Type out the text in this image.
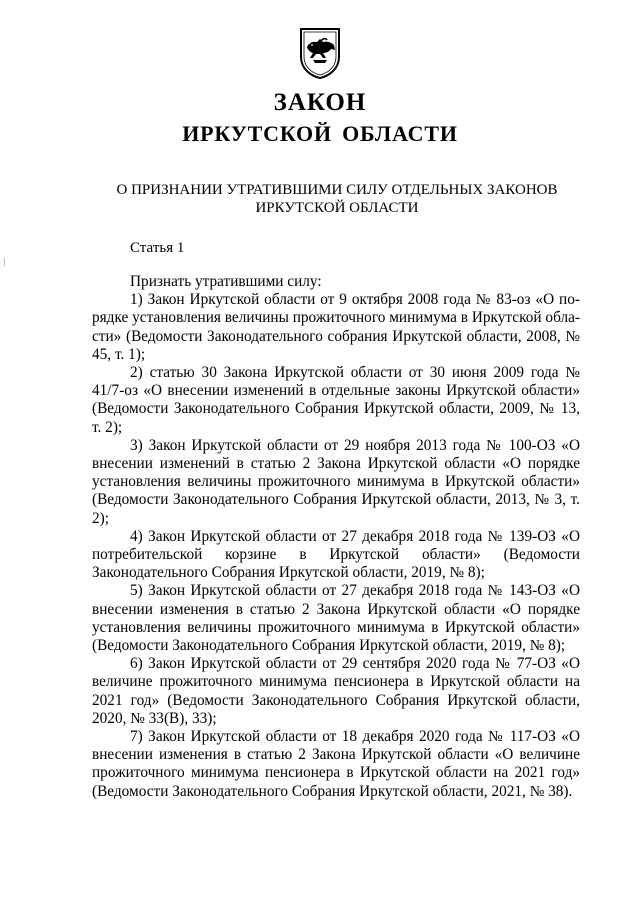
ЗАКОН
ИРКУТСКОЙ ОБЛАСТИ
О ПРИЗНАНИИ УТРАТИВШИМИ СИЛУ ОТДЕЛЬНЫХ ЗАКОНОВ
ИРКУТСКОЙ ОБЛАСТИ
Статья 1

Признать утратившими силу:

1) Закон Иркутской области от 9 октября 2008 года № 83-оз «О порядке установления величины прожиточного минимума в Иркутской области» (Ведомости Законодательного собрания Иркутской области, 2008, № 45, т. 1);

2) статью 30 Закона Иркутской области от 30 июня 2009 года № 41/7-оз «О внесении изменений в отдельные законы Иркутской области» (Ведомости Законодательного Собрания Иркутской области, 2009, № 13, т. 2);

3) Закон Иркутской области от 29 ноября 2013 года № 100-ОЗ «О внесении изменений в статью 2 Закона Иркутской области «О порядке установления величины прожиточного минимума в Иркутской области» (Ведомости Законодательного Собрания Иркутской области, 2013, № 3, т. 2);

4) Закон Иркутской области от 27 декабря 2018 года № 139-ОЗ «О потребительской корзине в Иркутской области» (Ведомости Законодательного Собрания Иркутской области, 2019, № 8);

5) Закон Иркутской области от 27 декабря 2018 года № 143-ОЗ «О внесении изменения в статью 2 Закона Иркутской области «О порядке установления величины прожиточного минимума в Иркутской области» (Ведомости Законодательного Собрания Иркутской области, 2019, № 8);

6) Закон Иркутской области от 29 сентября 2020 года № 77-ОЗ «О величине прожиточного минимума пенсионера в Иркутской области на 2021 год» (Ведомости Законодательного Собрания Иркутской области, 2020, № 33(В), 33);

7) Закон Иркутской области от 18 декабря 2020 года № 117-ОЗ «О внесении изменения в статью 2 Закона Иркутской области «О величине прожиточного минимума пенсионера в Иркутской области на 2021 год» (Ведомости Законодательного Собрания Иркутской области, 2021, № 38).
